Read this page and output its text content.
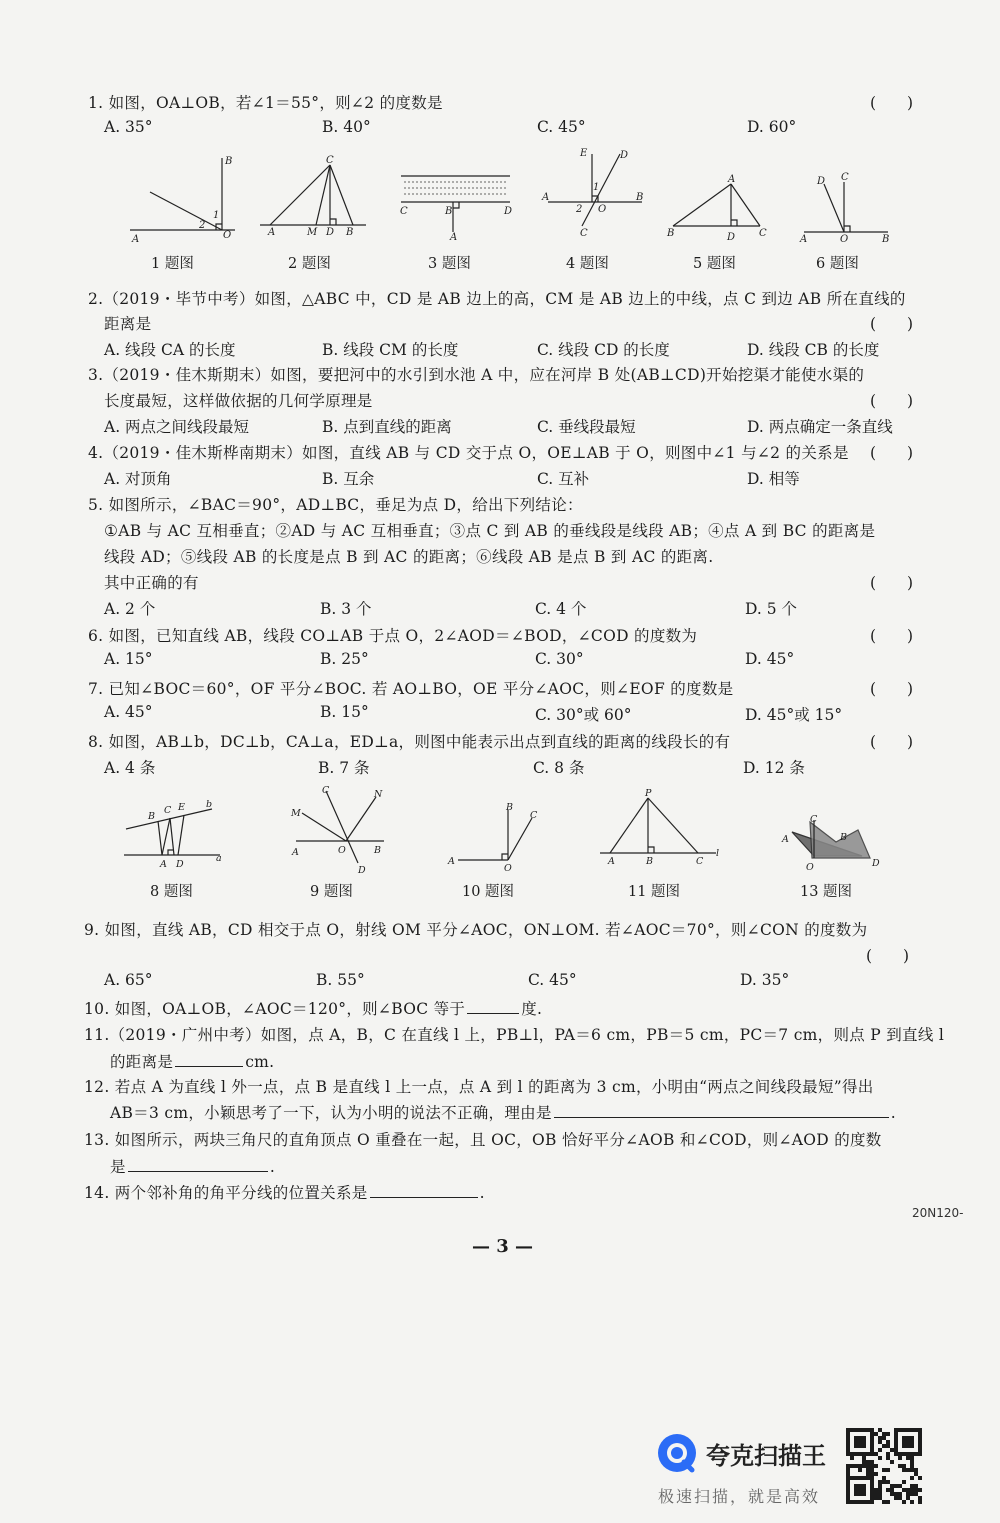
1. 如图，OA⊥OB，若∠1＝55°，则∠2 的度数是	(　　)
A. 35°	B. 40°	C. 45°	D. 60°
B
A	O
1
2
1 题图
C
A	M D B
2 题图
C	B	D
A
3 题图
E	D
A	B
O
C
1
2
4 题图
A
B	D C
5 题图
D C
A	O	B
6 题图
2.（2019・毕节中考）如图，△ABC 中，CD 是 AB 边上的高，CM 是 AB 边上的中线，点 C 到边 AB 所在直线的
距离是	(　　)
A. 线段 CA 的长度	B. 线段 CM 的长度	C. 线段 CD 的长度	D. 线段 CB 的长度
3.（2019・佳木斯期末）如图，要把河中的水引到水池 A 中，应在河岸 B 处(AB⊥CD)开始挖渠才能使水渠的
长度最短，这样做依据的几何学原理是	(　　)
A. 两点之间线段最短	B. 点到直线的距离	C. 垂线段最短	D. 两点确定一条直线
4.（2019・佳木斯桦南期末）如图，直线 AB 与 CD 交于点 O，OE⊥AB 于 O，则图中∠1 与∠2 的关系是 (　　)
A. 对顶角	B. 互余	C. 互补	D. 相等
5. 如图所示，∠BAC＝90°，AD⊥BC，垂足为点 D，给出下列结论：
①AB 与 AC 互相垂直；②AD 与 AC 互相垂直；③点 C 到 AB 的垂线段是线段 AB；④点 A 到 BC 的距离是
线段 AD；⑤线段 AB 的长度是点 B 到 AC 的距离；⑥线段 AB 是点 B 到 AC 的距离.
其中正确的有	(　　)
A. 2 个	B. 3 个	C. 4 个	D. 5 个
6. 如图，已知直线 AB，线段 CO⊥AB 于点 O，2∠AOD＝∠BOD，∠COD 的度数为	(　　)
A. 15°	B. 25°	C. 30°	D. 45°
7. 已知∠BOC＝60°，OF 平分∠BOC. 若 AO⊥BO，OE 平分∠AOC，则∠EOF 的度数是	(　　)
A. 45°	B. 15°	C. 30°或 60°	D. 45°或 15°
8. 如图，AB⊥b，DC⊥b，CA⊥a，ED⊥a，则图中能表示出点到直线的距离的线段长的有	(　　)
A. 4 条	B. 7 条	C. 8 条	D. 12 条
B
C E b
A D
a
8 题图
C	N
M
A	O	B
D
9 题图
B
C
A
O
10 题图
P
A	B	C
l
11 题图
C
A	B
O	D
13 题图
9. 如图，直线 AB，CD 相交于点 O，射线 OM 平分∠AOC，ON⊥OM. 若∠AOC＝70°，则∠CON 的度数为
(　　)
A. 65°	B. 55°	C. 45°	D. 35°
10. 如图，OA⊥OB，∠AOC＝120°，则∠BOC 等于	度.
11.（2019・广州中考）如图，点 A，B，C 在直线 l 上，PB⊥l，PA＝6 cm，PB＝5 cm，PC＝7 cm，则点 P 到直线 l
的距离是	cm.
12. 若点 A 为直线 l 外一点，点 B 是直线 l 上一点，点 A 到 l 的距离为 3 cm，小明由“两点之间线段最短”得出
AB＝3 cm，小颖思考了一下，认为小明的说法不正确，理由是	.
13. 如图所示，两块三角尺的直角顶点 O 重叠在一起，且 OC，OB 恰好平分∠AOB 和∠COD，则∠AOD 的度数
是	.
14. 两个邻补角的角平分线的位置关系是	.
20N120-
— 3 —
夸克扫描王
极速扫描，就是高效
